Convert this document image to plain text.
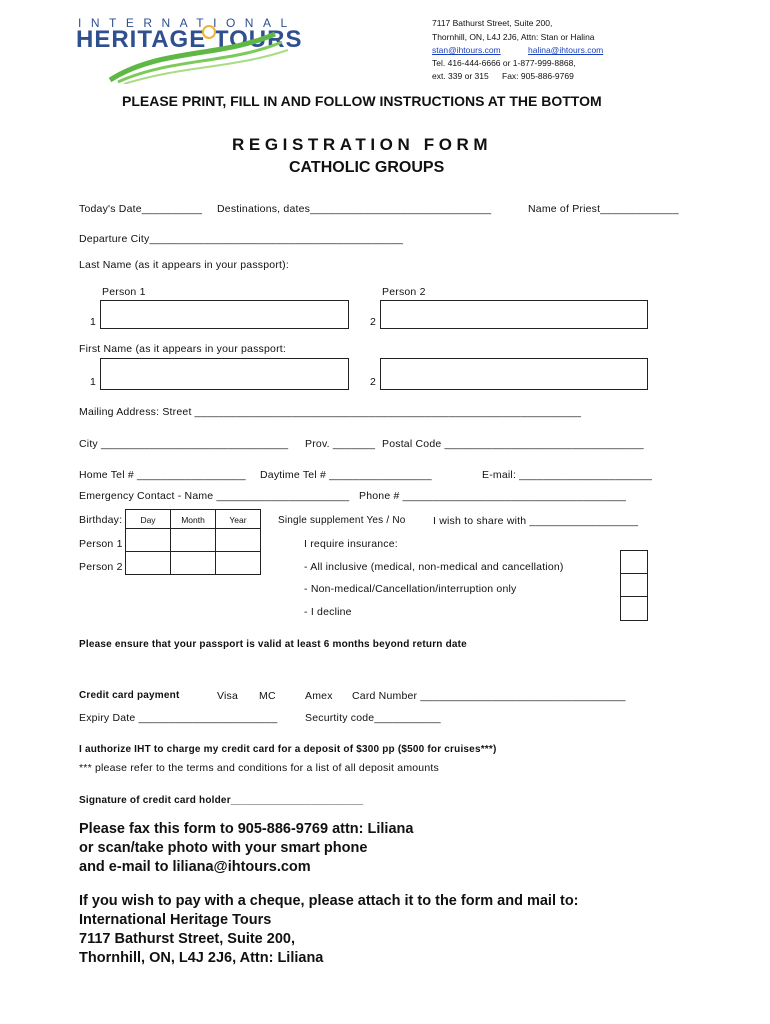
INTERNATIONAL
HERITAGE TOURS
7117 Bathurst Street, Suite 200,
Thornhill, ON, L4J 2J6, Attn: Stan or Halina
stan@ihtours.com	halina@ihtours.com
Tel. 416-444-6666 or 1-877-999-8868,
ext. 339 or 315 Fax: 905-886-9769
PLEASE PRINT, FILL IN AND FOLLOW INSTRUCTIONS AT THE BOTTOM
REGISTRATION FORM
CATHOLIC GROUPS
Today's Date__________ Destinations, dates______________________________	Name of Priest_____________
Departure City__________________________________________
Last Name (as it appears in your passport):
Person 1	Person 2
1	2
First Name (as it appears in your passport:
1	2
Mailing Address: Street ________________________________________________________________
City _______________________________ Prov. _______ Postal Code _________________________________
Home Tel # __________________ Daytime Tel # _________________	E-mail: ______________________
Emergency Contact - Name ______________________ Phone # _____________________________________
Birthday: Day	Month	Year

Person 1
Person 2
Single supplement Yes / No	I wish to share with __________________
I require insurance:
- All inclusive (medical, non-medical and cancellation)
- Non-medical/Cancellation/interruption only
- I decline
Please ensure that your passport is valid at least 6 months beyond return date
Credit card payment	Visa MC	Amex Card Number __________________________________
Expiry Date _______________________	Securtity code___________
I authorize IHT to charge my credit card for a deposit of $300 pp ($500 for cruises***)
*** please refer to the terms and conditions for a list of all deposit amounts
Signature of credit card holder_______________________
Please fax this form to 905-886-9769 attn: Liliana
or scan/take photo with your smart phone
and e-mail to liliana@ihtours.com
If you wish to pay with a cheque, please attach it to the form and mail to:
International Heritage Tours
7117 Bathurst Street, Suite 200,
Thornhill, ON, L4J 2J6, Attn: Liliana
